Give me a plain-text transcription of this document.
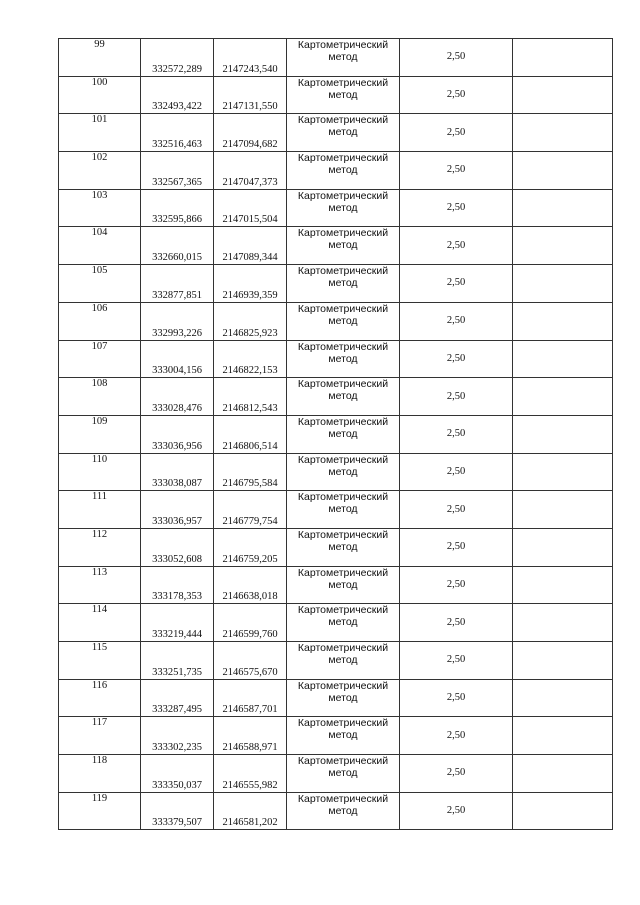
99	332572,289	2147243,540	Картометрический
метод	2,50	
100	332493,422	2147131,550	Картометрический
метод	2,50	
101	332516,463	2147094,682	Картометрический
метод	2,50	
102	332567,365	2147047,373	Картометрический
метод	2,50	
103	332595,866	2147015,504	Картометрический
метод	2,50	
104	332660,015	2147089,344	Картометрический
метод	2,50	
105	332877,851	2146939,359	Картометрический
метод	2,50	
106	332993,226	2146825,923	Картометрический
метод	2,50	
107	333004,156	2146822,153	Картометрический
метод	2,50	
108	333028,476	2146812,543	Картометрический
метод	2,50	
109	333036,956	2146806,514	Картометрический
метод	2,50	
110	333038,087	2146795,584	Картометрический
метод	2,50	
111	333036,957	2146779,754	Картометрический
метод	2,50	
112	333052,608	2146759,205	Картометрический
метод	2,50	
113	333178,353	2146638,018	Картометрический
метод	2,50	
114	333219,444	2146599,760	Картометрический
метод	2,50	
115	333251,735	2146575,670	Картометрический
метод	2,50	
116	333287,495	2146587,701	Картометрический
метод	2,50	
117	333302,235	2146588,971	Картометрический
метод	2,50	
118	333350,037	2146555,982	Картометрический
метод	2,50	
119	333379,507	2146581,202	Картометрический
метод	2,50	
